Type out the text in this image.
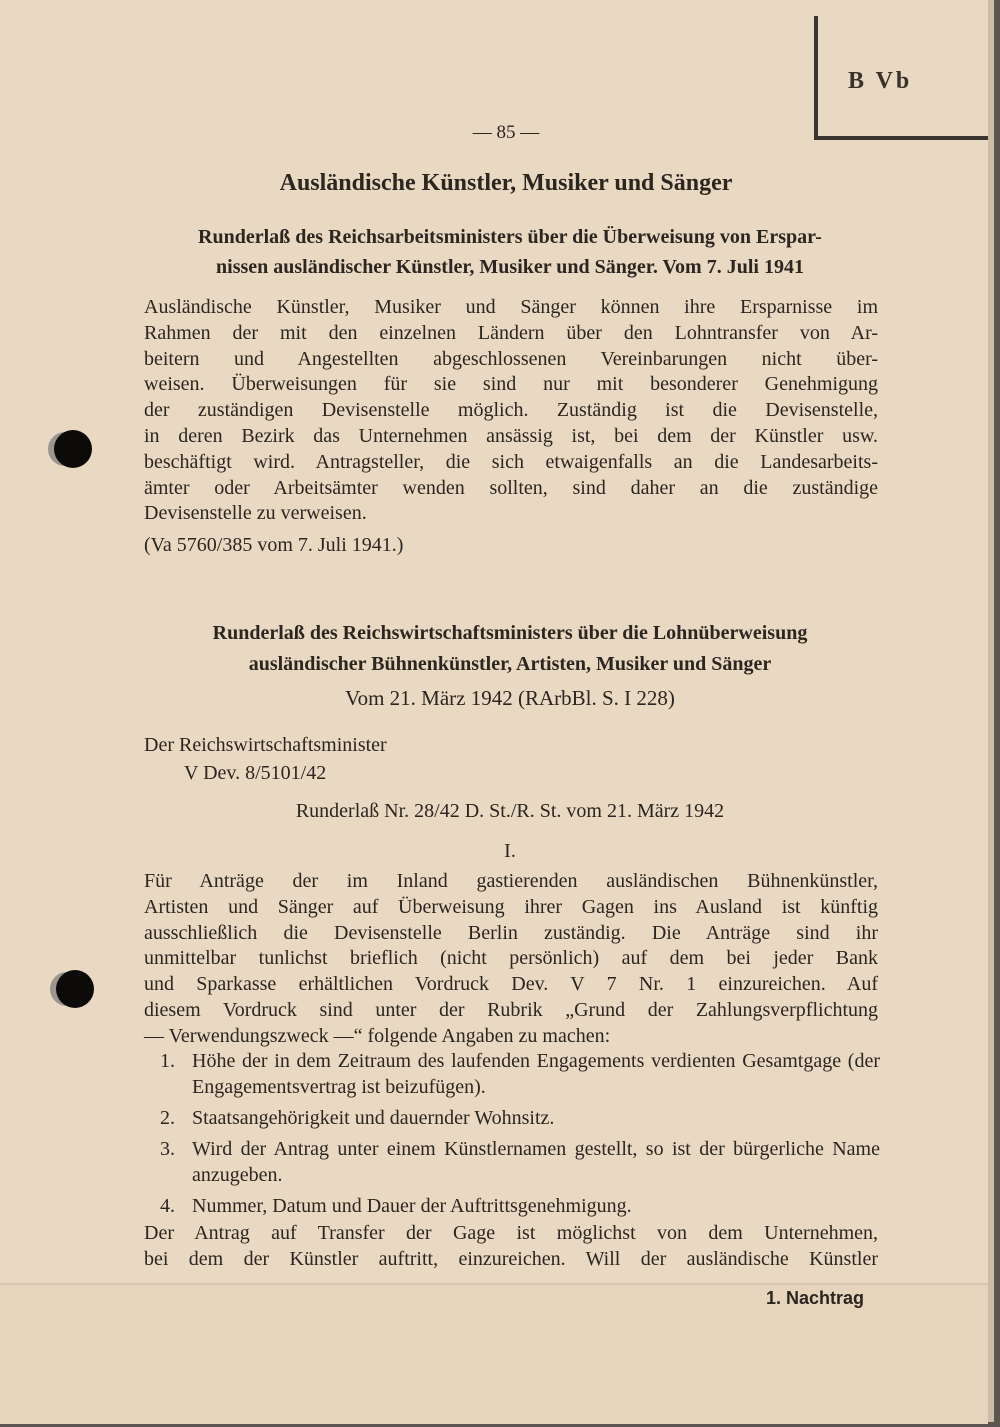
B Vb
— 85 —
Ausländische Künstler, Musiker und Sänger
Runderlaß des Reichsarbeitsministers über die Überweisung von Erspar-
nissen ausländischer Künstler, Musiker und Sänger. Vom 7. Juli 1941
Ausländische Künstler, Musiker und Sänger können ihre Ersparnisse im
Rahmen der mit den einzelnen Ländern über den Lohntransfer von Ar-
beitern und Angestellten abgeschlossenen Vereinbarungen nicht über-
weisen. Überweisungen für sie sind nur mit besonderer Genehmigung
der zuständigen Devisenstelle möglich. Zuständig ist die Devisenstelle,
in deren Bezirk das Unternehmen ansässig ist, bei dem der Künstler usw.
beschäftigt wird. Antragsteller, die sich etwaigenfalls an die Landesarbeits-
ämter oder Arbeitsämter wenden sollten, sind daher an die zuständige
Devisenstelle zu verweisen.
(Va 5760/385 vom 7. Juli 1941.)
Runderlaß des Reichswirtschaftsministers über die Lohnüberweisung
ausländischer Bühnenkünstler, Artisten, Musiker und Sänger
Vom 21. März 1942 (RArbBl. S. I 228)
Der Reichswirtschaftsminister
V Dev. 8/5101/42
Runderlaß Nr. 28/42 D. St./R. St. vom 21. März 1942
I.
Für Anträge der im Inland gastierenden ausländischen Bühnenkünstler,
Artisten und Sänger auf Überweisung ihrer Gagen ins Ausland ist künftig
ausschließlich die Devisenstelle Berlin zuständig. Die Anträge sind ihr
unmittelbar tunlichst brieflich (nicht persönlich) auf dem bei jeder Bank
und Sparkasse erhältlichen Vordruck Dev. V 7 Nr. 1 einzureichen. Auf
diesem Vordruck sind unter der Rubrik „Grund der Zahlungsverpflichtung
— Verwendungszweck —“ folgende Angaben zu machen:
1. Höhe der in dem Zeitraum des laufenden Engagements verdienten Gesamtgage (der Engagementsvertrag ist beizufügen).
2. Staatsangehörigkeit und dauernder Wohnsitz.
3. Wird der Antrag unter einem Künstlernamen gestellt, so ist der bürgerliche Name anzugeben.
4. Nummer, Datum und Dauer der Auftrittsgenehmigung.
Der Antrag auf Transfer der Gage ist möglichst von dem Unternehmen,
bei dem der Künstler auftritt, einzureichen. Will der ausländische Künstler
1. Nachtrag
